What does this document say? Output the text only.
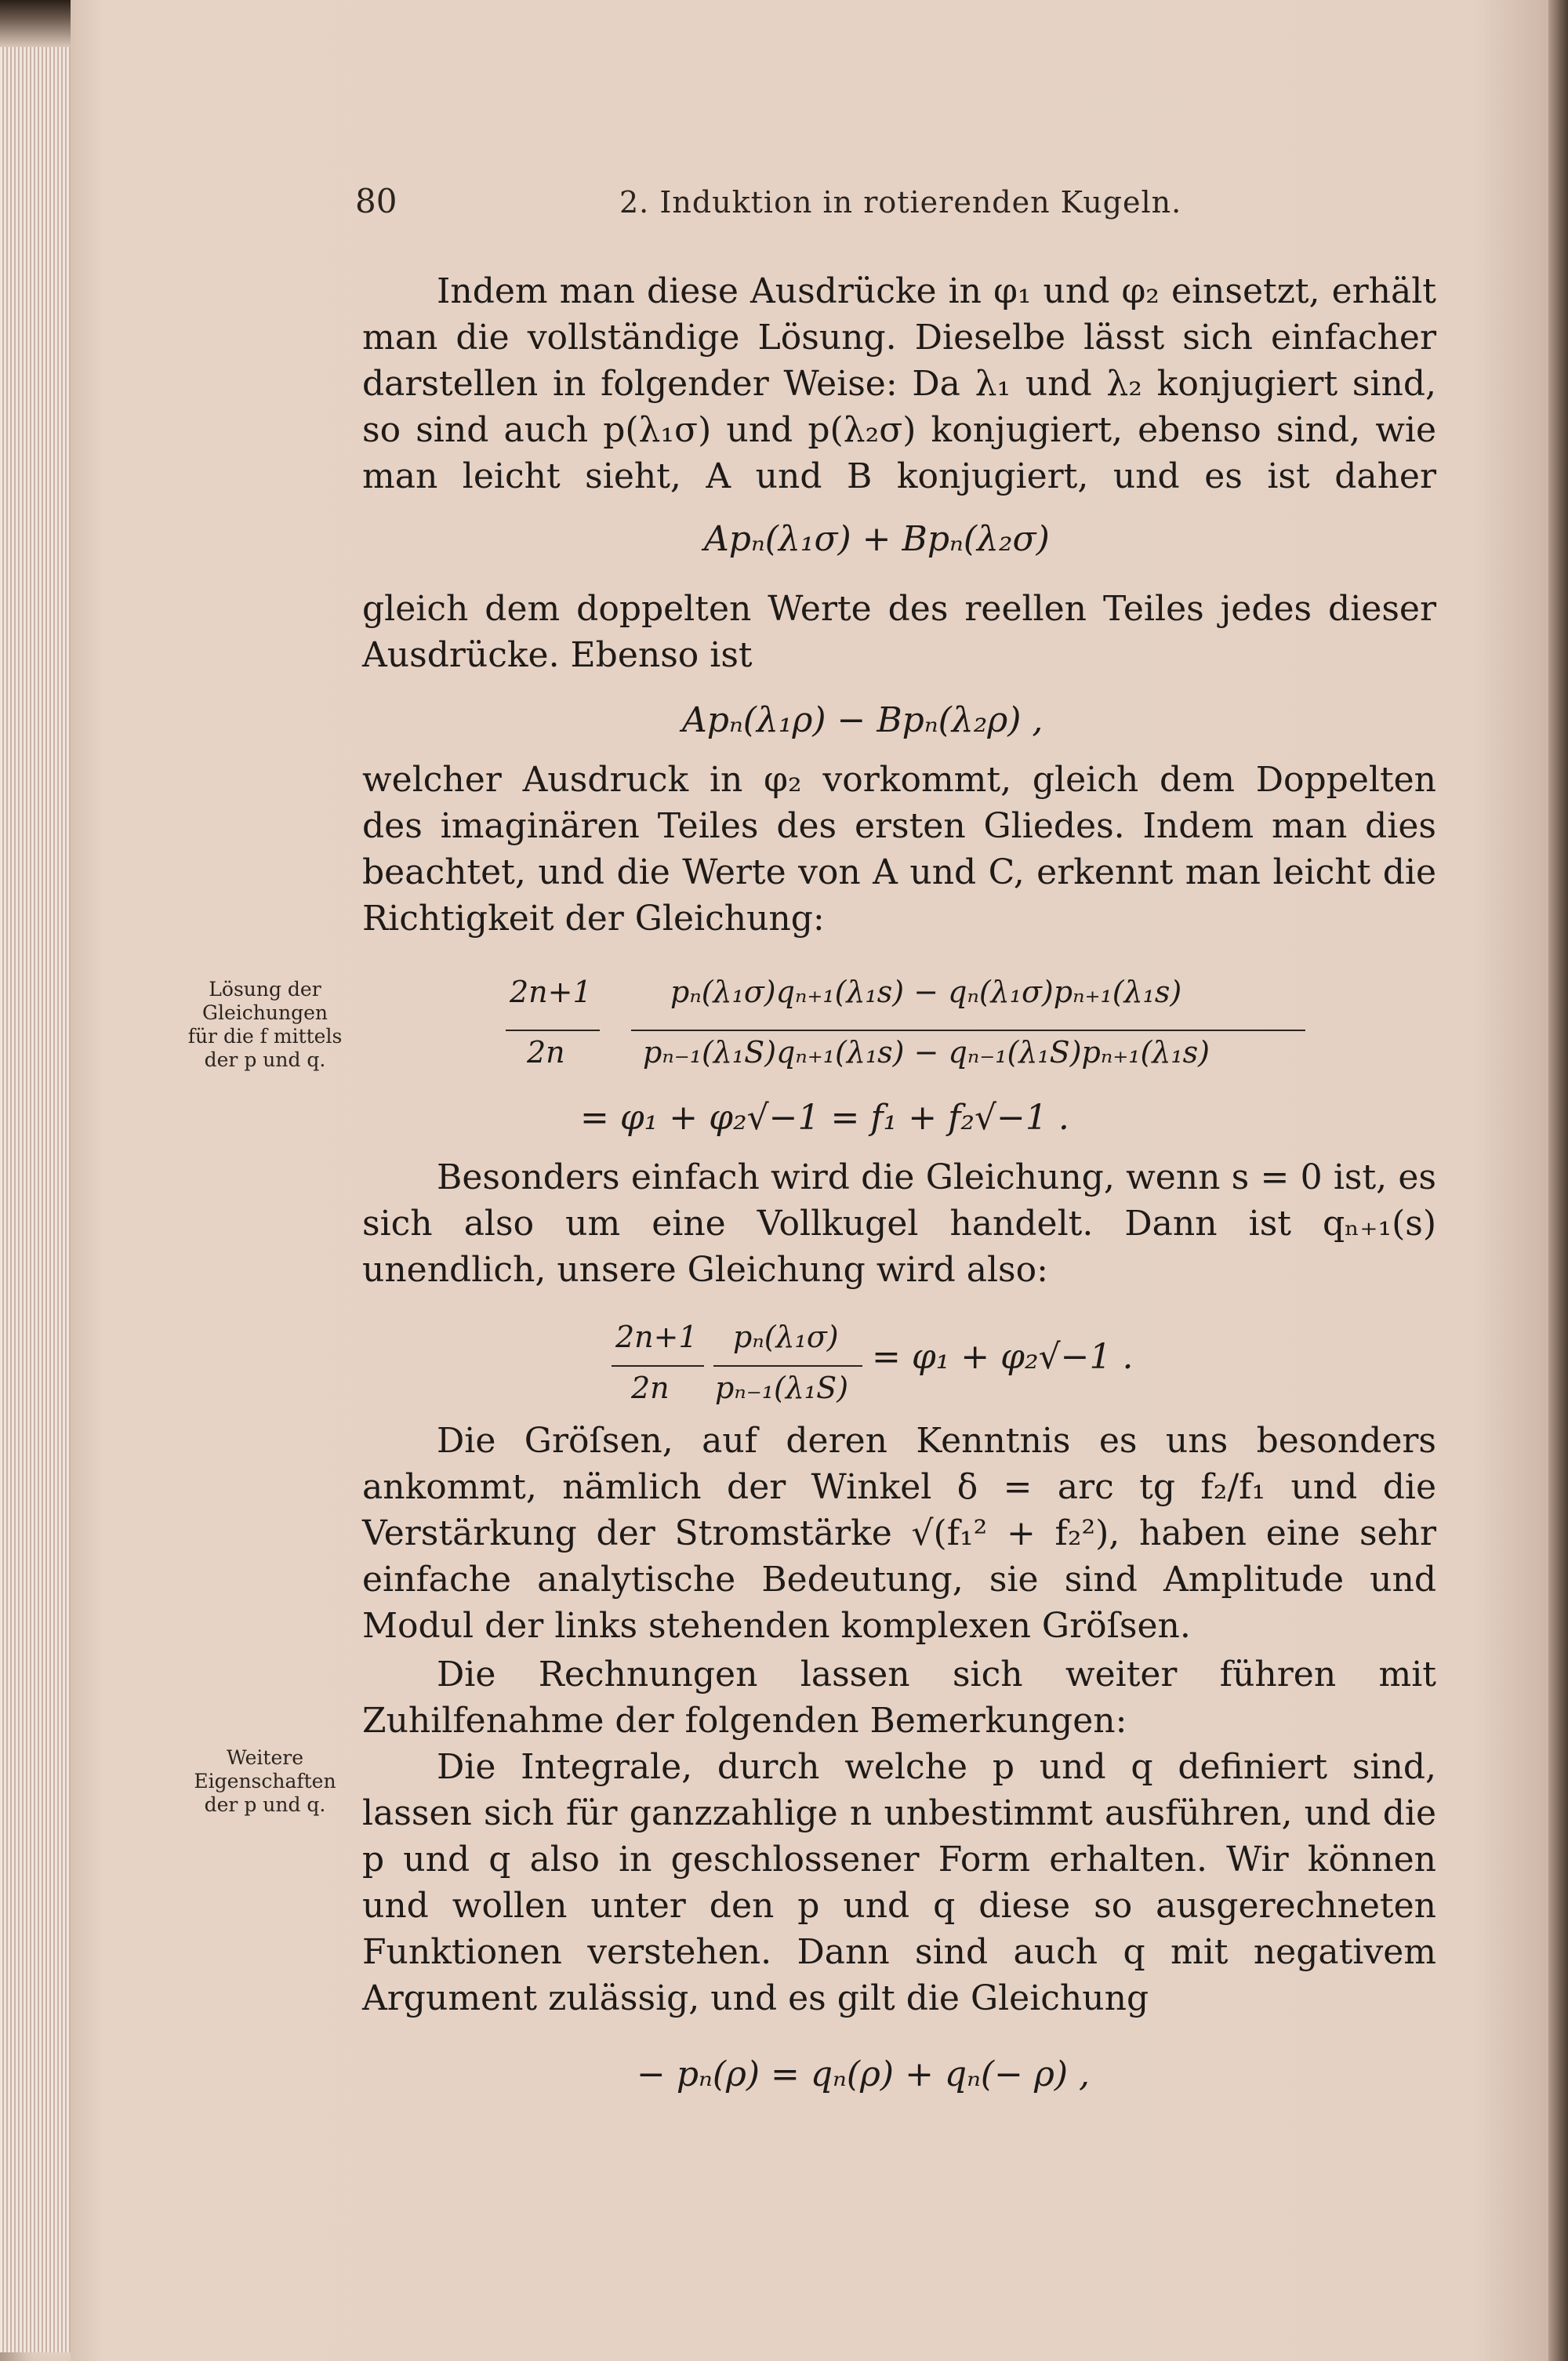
80	2. Induktion in rotierenden Kugeln.
Indem man diese Ausdrücke in φ₁ und φ₂ einsetzt, erhält man die vollständige Lösung. Dieselbe lässt sich einfacher darstellen in folgender Weise: Da λ₁ und λ₂ konjugiert sind, so sind auch p(λ₁σ) und p(λ₂σ) konjugiert, ebenso sind, wie man leicht sieht, A und B konjugiert, und es ist daher
Apₙ(λ₁σ) + Bpₙ(λ₂σ)
gleich dem doppelten Werte des reellen Teiles jedes dieser Ausdrücke. Ebenso ist
Apₙ(λ₁ρ) − Bpₙ(λ₂ρ) ,
welcher Ausdruck in φ₂ vorkommt, gleich dem Doppelten des imaginären Teiles des ersten Gliedes. Indem man dies beachtet, und die Werte von A und C, erkennt man leicht die Richtigkeit der Gleichung:
Lösung der Gleichungen für die f mittels der p und q.
2n+1
2n
pₙ(λ₁σ)qₙ₊₁(λ₁s) − qₙ(λ₁σ)pₙ₊₁(λ₁s)
pₙ₋₁(λ₁S)qₙ₊₁(λ₁s) − qₙ₋₁(λ₁S)pₙ₊₁(λ₁s)
= φ₁ + φ₂√−1 = f₁ + f₂√−1 .
Besonders einfach wird die Gleichung, wenn s = 0 ist, es sich also um eine Vollkugel handelt. Dann ist qₙ₊₁(s) unendlich, unsere Gleichung wird also:
2n+1
2n
pₙ(λ₁σ)
pₙ₋₁(λ₁S)
= φ₁ + φ₂√−1 .
Die Gröſsen, auf deren Kenntnis es uns besonders ankommt, nämlich der Winkel δ = arc tg f₂/f₁ und die Verstärkung der Stromstärke √(f₁² + f₂²), haben eine sehr einfache analytische Bedeutung, sie sind Amplitude und Modul der links stehenden komplexen Gröſsen.
Die Rechnungen lassen sich weiter führen mit Zuhilfenahme der folgenden Bemerkungen:
Weitere Eigenschaften der p und q.
Die Integrale, durch welche p und q definiert sind, lassen sich für ganzzahlige n unbestimmt ausführen, und die p und q also in geschlossener Form erhalten. Wir können und wollen unter den p und q diese so ausgerechneten Funktionen verstehen. Dann sind auch q mit negativem Argument zulässig, und es gilt die Gleichung
− pₙ(ρ) = qₙ(ρ) + qₙ(− ρ) ,
